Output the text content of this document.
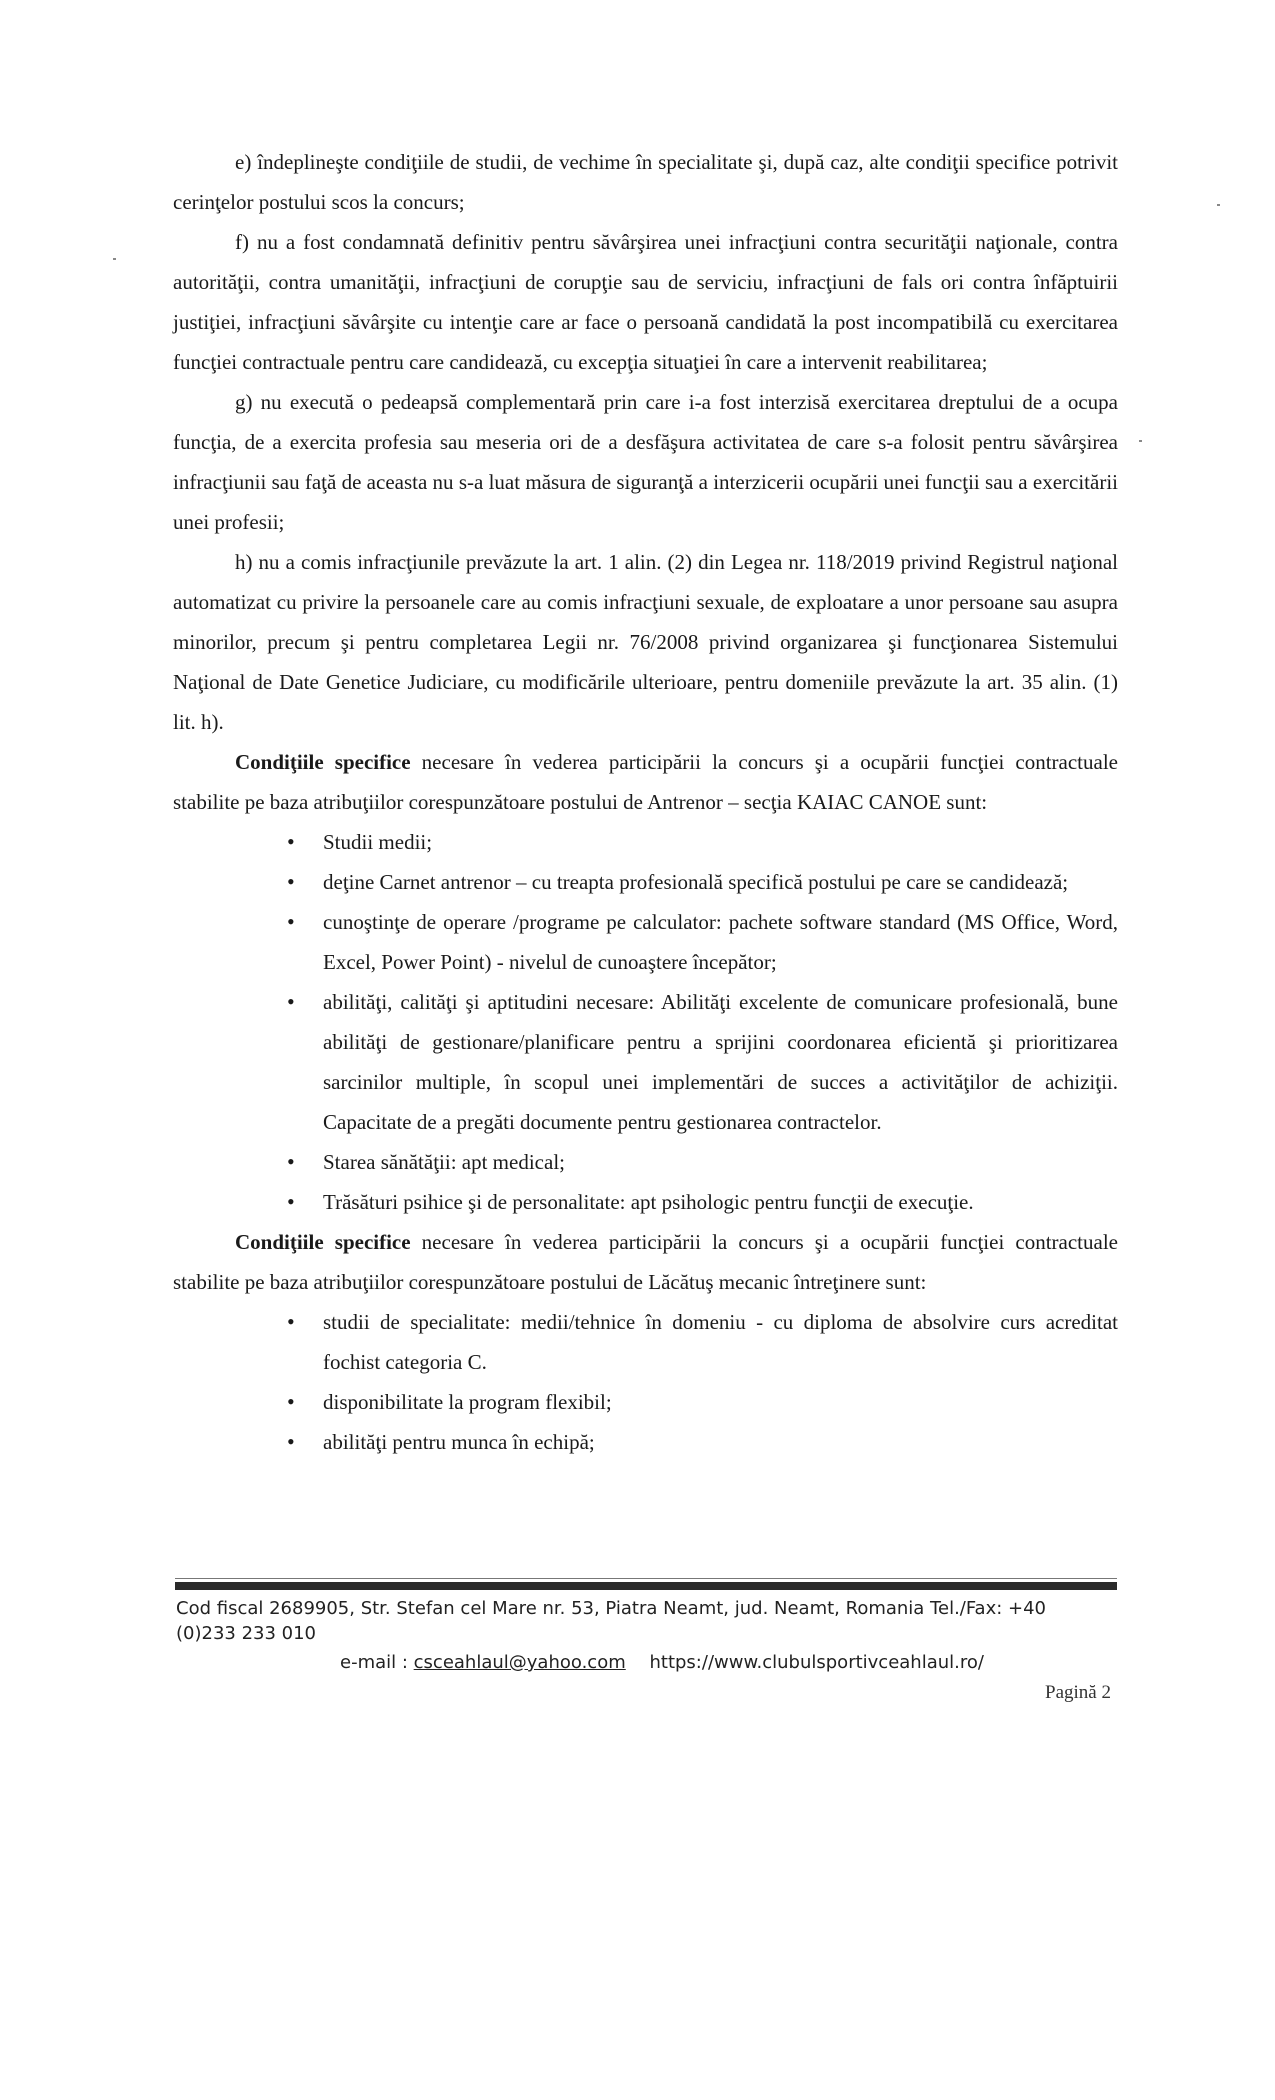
e) îndeplineşte condiţiile de studii, de vechime în specialitate şi, după caz, alte condiţii specifice potrivit cerinţelor postului scos la concurs;

f) nu a fost condamnată definitiv pentru săvârşirea unei infracţiuni contra securităţii naţionale, contra autorităţii, contra umanităţii, infracţiuni de corupţie sau de serviciu, infracţiuni de fals ori contra înfăptuirii justiţiei, infracţiuni săvârşite cu intenţie care ar face o persoană candidată la post incompatibilă cu exercitarea funcţiei contractuale pentru care candidează, cu excepţia situaţiei în care a intervenit reabilitarea;

g) nu execută o pedeapsă complementară prin care i-a fost interzisă exercitarea dreptului de a ocupa funcţia, de a exercita profesia sau meseria ori de a desfăşura activitatea de care s-a folosit pentru săvârşirea infracţiunii sau faţă de aceasta nu s-a luat măsura de siguranţă a interzicerii ocupării unei funcţii sau a exercitării unei profesii;

h) nu a comis infracţiunile prevăzute la art. 1 alin. (2) din Legea nr. 118/2019 privind Registrul naţional automatizat cu privire la persoanele care au comis infracţiuni sexuale, de exploatare a unor persoane sau asupra minorilor, precum şi pentru completarea Legii nr. 76/2008 privind organizarea şi funcţionarea Sistemului Naţional de Date Genetice Judiciare, cu modificările ulterioare, pentru domeniile prevăzute la art. 35 alin. (1) lit. h).

Condiţiile specifice necesare în vederea participării la concurs şi a ocupării funcţiei contractuale stabilite pe baza atribuţiilor corespunzătoare postului de Antrenor – secţia KAIAC CANOE sunt:

• Studii medii;
• deţine Carnet antrenor – cu treapta profesională specifică postului pe care se candidează;
• cunoştinţe de operare /programe pe calculator: pachete software standard (MS Office, Word, Excel, Power Point) - nivelul de cunoaştere începător;
• abilităţi, calităţi şi aptitudini necesare: Abilităţi excelente de comunicare profesională, bune abilităţi de gestionare/planificare pentru a sprijini coordonarea eficientă şi prioritizarea sarcinilor multiple, în scopul unei implementări de succes a activităţilor de achiziţii. Capacitate de a pregăti documente pentru gestionarea contractelor.
• Starea sănătăţii: apt medical;
• Trăsături psihice şi de personalitate: apt psihologic pentru funcţii de execuţie.

Condiţiile specifice necesare în vederea participării la concurs şi a ocupării funcţiei contractuale stabilite pe baza atribuţiilor corespunzătoare postului de Lăcătuş mecanic întreţinere sunt:

• studii de specialitate: medii/tehnice în domeniu - cu diploma de absolvire curs acreditat fochist categoria C.
• disponibilitate la program flexibil;
• abilităţi pentru munca în echipă;
Cod fiscal 2689905, Str. Stefan cel Mare nr. 53, Piatra Neamt, jud. Neamt, Romania Tel./Fax: +40
(0)233 233 010
e-mail : csceahlaul@yahoo.com https://www.clubulsportivceahlaul.ro/
Pagină 2
